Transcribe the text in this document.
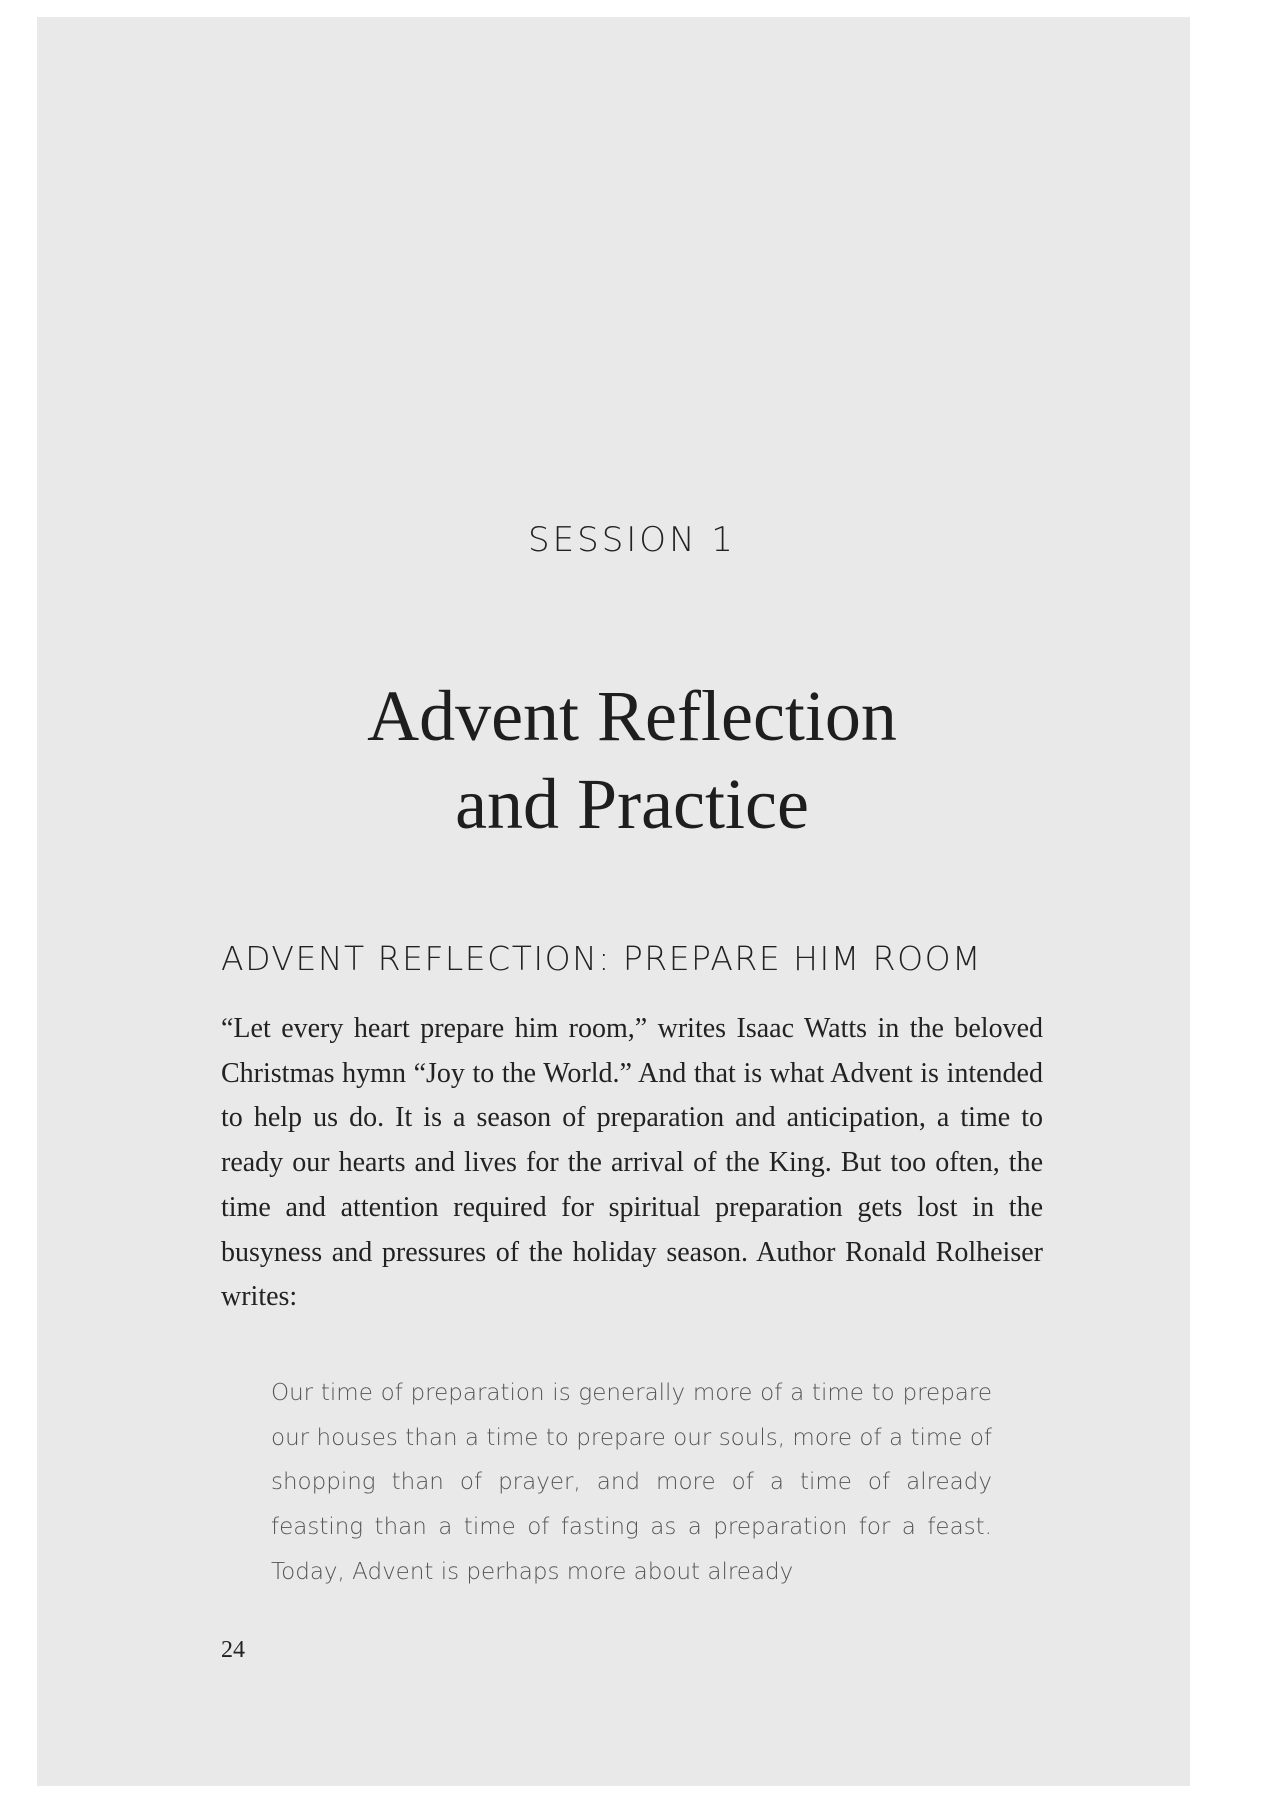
SESSION 1

Advent Reflection
and Practice
ADVENT REFLECTION: PREPARE HIM ROOM

“Let every heart prepare him room,” writes Isaac Watts in the beloved Christmas hymn “Joy to the World.” And that is what Advent is intended to help us do. It is a season of preparation and anticipation, a time to ready our hearts and lives for the arrival of the King. But too often, the time and attention required for spiritual preparation gets lost in the busyness and pressures of the holiday season. Author Ronald Rolheiser writes:

Our time of preparation is generally more of a time to prepare our houses than a time to prepare our souls, more of a time of shopping than of prayer, and more of a time of already feasting than a time of fasting as a preparation for a feast. Today, Advent is perhaps more about already

24
